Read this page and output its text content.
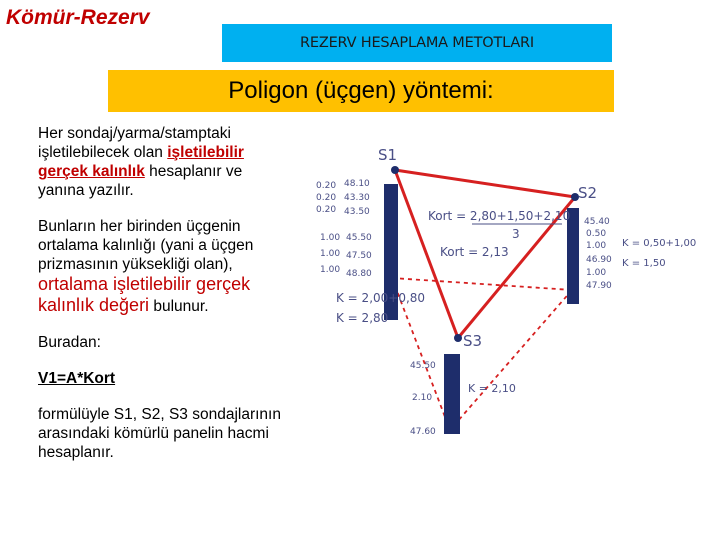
Kömür-Rezerv
REZERV HESAPLAMA METOTLARI
Poligon (üçgen) yöntemi:

Her sondaj/yarma/stamptaki işletilebilecek olan işletilebilir gerçek kalınlık hesaplanır ve yanına yazılır.

Bunların her birinden üçgenin ortalama kalınlığı (yani a üçgen prizmasının yüksekliği olan), ortalama işletilebilir gerçek kalınlık değeri bulunur.

Buradan:

V1=A*Kort

formülüyle S1, S2, S3 sondajlarının arasındaki kömürlü panelin hacmi hesaplanır.

S1
S2
S3
0.20
0.20
0.20
1.00
1.00
1.00
48.10
43.30
43.50
45.50
47.50
48.80
K = 2,00+0,80
K = 2,80
45.40
0.50
1.00
46.90
1.00
47.90
K = 0,50+1,00
K = 1,50
Kort = 2,80+1,50+2,10
3
Kort = 2,13
45.50
2.10
47.60
K = 2,10
